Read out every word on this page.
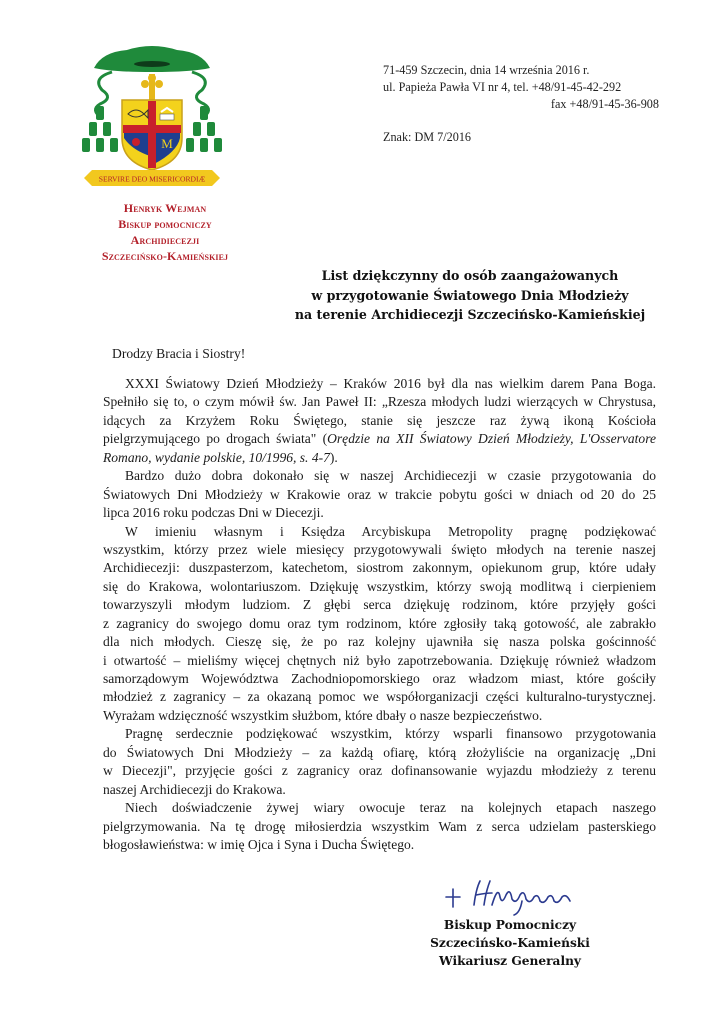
M
SERVIRE DEO MISERICORDIÆ
Henryk Wejman
Biskup pomocniczy
Archidiecezji
Szczecińsko-Kamieńskiej
71-459 Szczecin, dnia 14 września 2016 r.
ul. Papieża Pawła VI nr 4, tel. +48/91-45-42-292
fax +48/91-45-36-908
Znak: DM 7/2016
List dziękczynny do osób zaangażowanych
w przygotowanie Światowego Dnia Młodzieży
na terenie Archidiecezji Szczecińsko-Kamieńskiej
Drodzy Bracia i Siostry!
XXXI Światowy Dzień Młodzieży – Kraków 2016 był dla nas wielkim darem Pana Boga.
Spełniło się to, o czym mówił św. Jan Paweł II: „Rzesza młodych ludzi wierzących w Chrystusa,
idących za Krzyżem Roku Świętego, stanie się jeszcze raz żywą ikoną Kościoła
pielgrzymującego po drogach świata" (Orędzie na XII Światowy Dzień Młodzieży, L'Osservatore
Romano, wydanie polskie, 10/1996, s. 4-7).
Bardzo dużo dobra dokonało się w naszej Archidiecezji w czasie przygotowania do
Światowych Dni Młodzieży w Krakowie oraz w trakcie pobytu gości w dniach od 20 do 25
lipca 2016 roku podczas Dni w Diecezji.
W imieniu własnym i Księdza Arcybiskupa Metropolity pragnę podziękować
wszystkim, którzy przez wiele miesięcy przygotowywali święto młodych na terenie naszej
Archidiecezji: duszpasterzom, katechetom, siostrom zakonnym, opiekunom grup, które udały
się do Krakowa, wolontariuszom. Dziękuję wszystkim, którzy swoją modlitwą i cierpieniem
towarzyszyli młodym ludziom. Z głębi serca dziękuję rodzinom, które przyjęły gości
z zagranicy do swojego domu oraz tym rodzinom, które zgłosiły taką gotowość, ale zabrakło
dla nich młodych. Cieszę się, że po raz kolejny ujawniła się nasza polska gościnność
i otwartość – mieliśmy więcej chętnych niż było zapotrzebowania. Dziękuję również władzom
samorządowym Województwa Zachodniopomorskiego oraz władzom miast, które gościły
młodzież z zagranicy – za okazaną pomoc we współorganizacji części kulturalno-turystycznej.
Wyrażam wdzięczność wszystkim służbom, które dbały o nasze bezpieczeństwo.
Pragnę serdecznie podziękować wszystkim, którzy wsparli finansowo przygotowania
do Światowych Dni Młodzieży – za każdą ofiarę, którą złożyliście na organizację „Dni
w Diecezji", przyjęcie gości z zagranicy oraz dofinansowanie wyjazdu młodzieży z terenu
naszej Archidiecezji do Krakowa.
Niech doświadczenie żywej wiary owocuje teraz na kolejnych etapach naszego
pielgrzymowania. Na tę drogę miłosierdzia wszystkim Wam z serca udzielam pasterskiego
błogosławieństwa: w imię Ojca i Syna i Ducha Świętego.
Biskup Pomocniczy
Szczecińsko-Kamieński
Wikariusz Generalny
